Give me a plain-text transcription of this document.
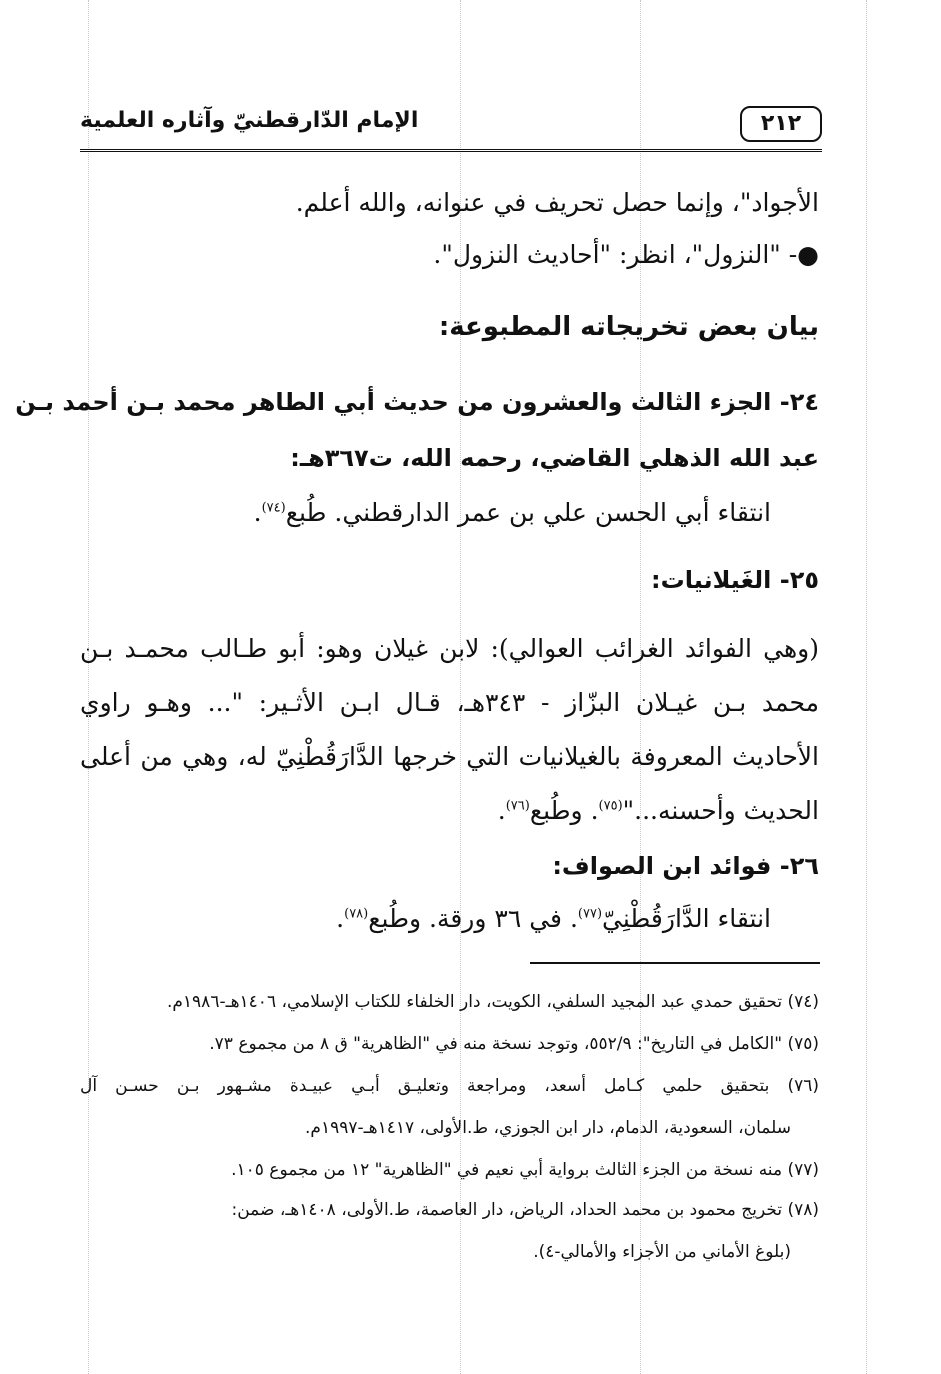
الإمام الدّارقطنيّ وآثاره العلمية	٢١٢
الأجواد"، وإنما حصل تحريف في عنوانه، والله أعلم.
●- "النزول"، انظر: "أحاديث النزول".
بيان بعض تخريجاته المطبوعة:
٢٤- الجزء الثالث والعشرون من حديث أبي الطاهر محمد بـن أحمد بـن
عبد الله الذهلي القاضي، رحمه الله، ت٣٦٧هـ:
انتقاء أبي الحسن علي بن عمر الدارقطني. طُبع$^{(٧٤)}$.
٢٥- الغَيلانيات:
(وهي الفوائد الغرائب العوالي): لابن غيلان وهو: أبو طـالب محمـد بـن
محمد بـن غيـلان البزّاز - ٣٤٣هـ، قـال ابـن الأثـير: "... وهـو راوي
الأحاديث المعروفة بالغيلانيات التي خرجها الدَّارَقُطْنِيّ له، وهي من أعلى
الحديث وأحسنه..."$^{(٧٥)}$. وطُبع$^{(٧٦)}$.
٢٦- فوائد ابن الصواف:
انتقاء الدَّارَقُطْنِيّ$^{(٧٧)}$. في ٣٦ ورقة. وطُبع$^{(٧٨)}$.
(٧٤) تحقيق حمدي عبد المجيد السلفي، الكويت، دار الخلفاء للكتاب الإسلامي، ١٤٠٦هـ-١٩٨٦م.
(٧٥) "الكامل في التاريخ": ٥٥٢/٩، وتوجد نسخة منه في "الظاهرية" ق ٨ من مجموع ٧٣.
(٧٦) بتحقيق حلمي كـامل أسعد، ومراجعة وتعليـق أبـي عبيـدة مشـهور بـن حسـن آل
سلمان، السعودية، الدمام، دار ابن الجوزي، ط.الأولى، ١٤١٧هـ-١٩٩٧م.
(٧٧) منه نسخة من الجزء الثالث برواية أبي نعيم في "الظاهرية" ١٢ من مجموع ١٠٥.
(٧٨) تخريج محمود بن محمد الحداد، الرياض، دار العاصمة، ط.الأولى، ١٤٠٨هـ، ضمن:
(بلوغ الأماني من الأجزاء والأمالي-٤).
